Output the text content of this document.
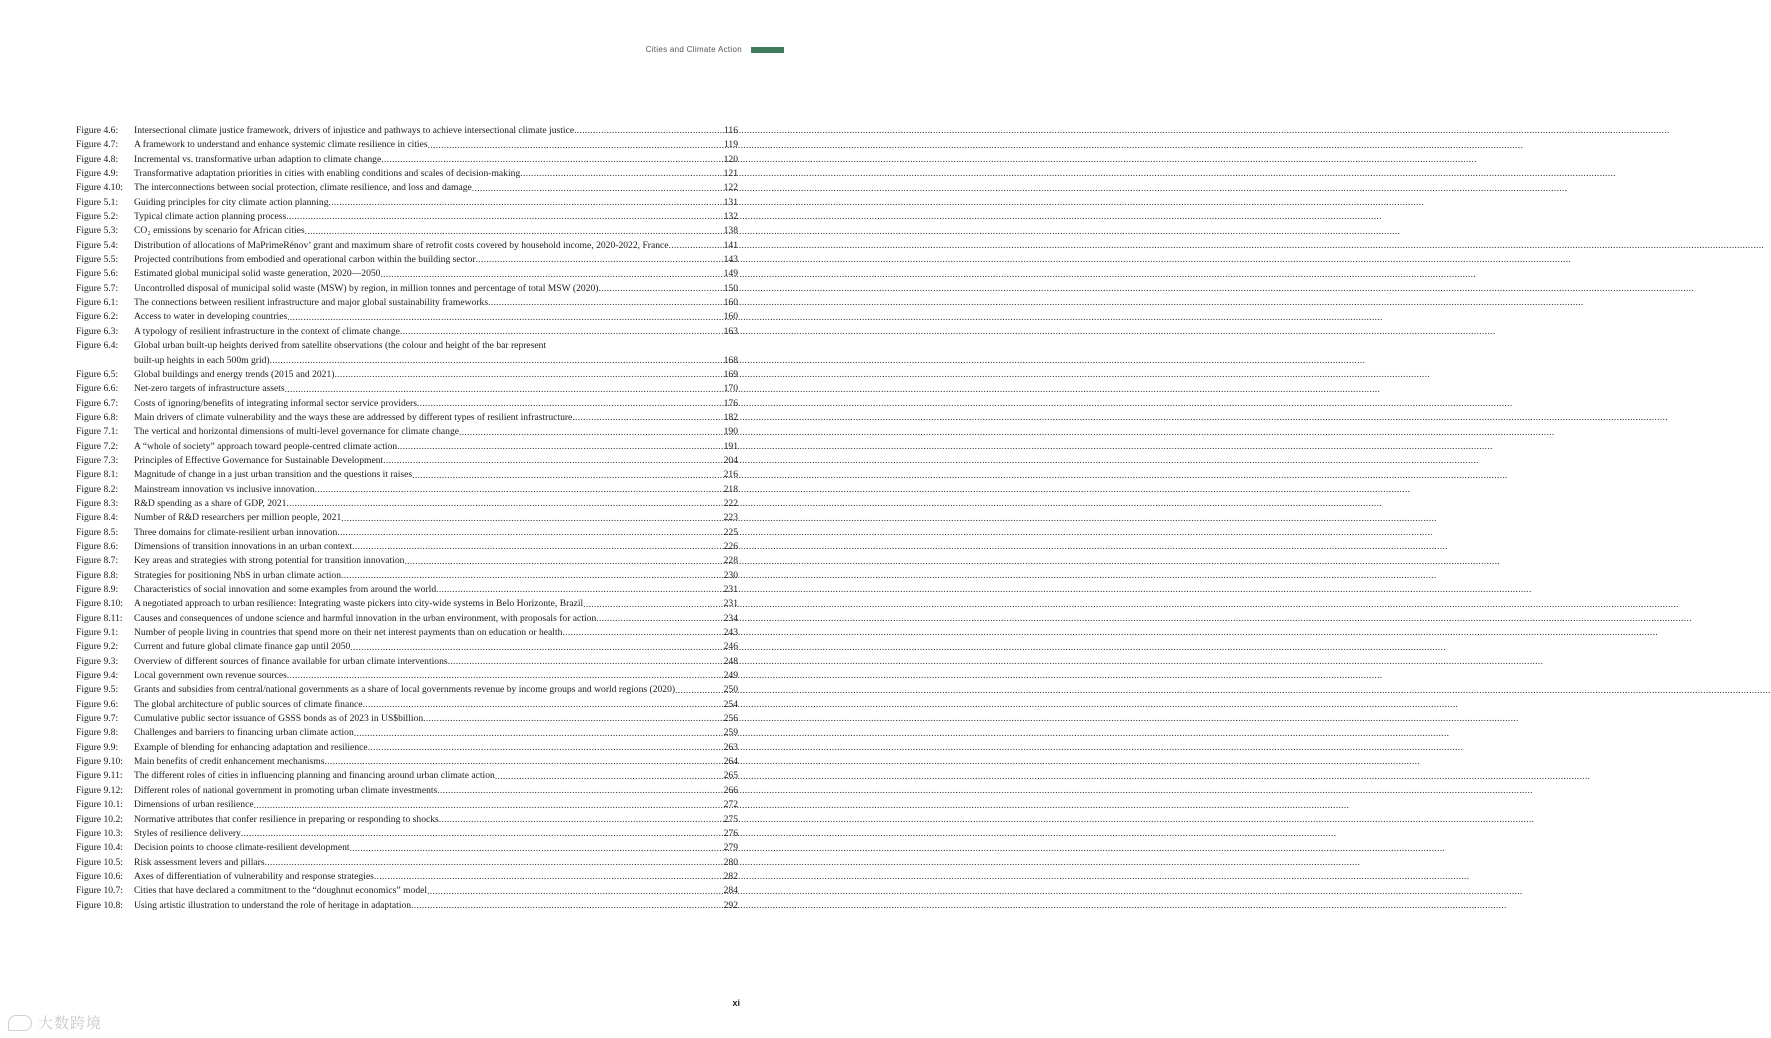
Cities and Climate Action
Figure 4.6:	Intersectional climate justice framework, drivers of injustice and pathways to achieve intersectional climate justice .....	116
Figure 4.7:	A framework to understand and enhance systemic climate resilience in cities .....	119
Figure 4.8:	Incremental vs. transformative urban adaption to climate change .....	120
Figure 4.9:	Transformative adaptation priorities in cities with enabling conditions and scales of decision-making .....	121
Figure 4.10:	The interconnections between social protection, climate resilience, and loss and damage .....	122
Figure 5.1:	Guiding principles for city climate action planning .....	131
Figure 5.2:	Typical climate action planning process .....	132
Figure 5.3:	CO₂ emissions by scenario for African cities .....	138
Figure 5.4:	Distribution of allocations of MaPrimeRénov’ grant and maximum share of retrofit costs covered by household income, 2020-2022, France .....	141
Figure 5.5:	Projected contributions from embodied and operational carbon within the building sector .....	143
Figure 5.6:	Estimated global municipal solid waste generation, 2020—2050 .....	149
Figure 5.7:	Uncontrolled disposal of municipal solid waste (MSW) by region, in million tonnes and percentage of total MSW (2020) .....	150
Figure 6.1:	The connections between resilient infrastructure and major global sustainability frameworks .....	160
Figure 6.2:	Access to water in developing countries .....	160
Figure 6.3:	A typology of resilient infrastructure in the context of climate change .....	163
Figure 6.4:	Global urban built-up heights derived from satellite observations (the colour and height of the bar represent
built-up heights in each 500m grid) .....	168
Figure 6.5:	Global buildings and energy trends (2015 and 2021) .....	169
Figure 6.6:	Net-zero targets of infrastructure assets .....	170
Figure 6.7:	Costs of ignoring/benefits of integrating informal sector service providers .....	176
Figure 6.8:	Main drivers of climate vulnerability and the ways these are addressed by different types of resilient infrastructure .....	182
Figure 7.1:	The vertical and horizontal dimensions of multi-level governance for climate change .....	190
Figure 7.2:	A “whole of society” approach toward people-centred climate action .....	191
Figure 7.3:	Principles of Effective Governance for Sustainable Development .....	204
Figure 8.1:	Magnitude of change in a just urban transition and the questions it raises .....	216
Figure 8.2:	Mainstream innovation vs inclusive innovation .....	218
Figure 8.3:	R&D spending as a share of GDP, 2021 .....	222
Figure 8.4:	Number of R&D researchers per million people, 2021 .....	223
Figure 8.5:	Three domains for climate-resilient urban innovation .....	225
Figure 8.6:	Dimensions of transition innovations in an urban context .....	226
Figure 8.7:	Key areas and strategies with strong potential for transition innovation .....	228
Figure 8.8:	Strategies for positioning NbS in urban climate action .....	230
Figure 8.9:	Characteristics of social innovation and some examples from around the world .....	231
Figure 8.10:	A negotiated approach to urban resilience: Integrating waste pickers into city-wide systems in Belo Horizonte, Brazil .....	231
Figure 8.11:	Causes and consequences of undone science and harmful innovation in the urban environment, with proposals for action .....	234
Figure 9.1:	Number of people living in countries that spend more on their net interest payments than on education or health .....	243
Figure 9.2:	Current and future global climate finance gap until 2050 .....	246
Figure 9.3:	Overview of different sources of finance available for urban climate interventions .....	248
Figure 9.4:	Local government own revenue sources .....	249
Figure 9.5:	Grants and subsidies from central/national governments as a share of local governments revenue by income groups and world regions (2020) .....	250
Figure 9.6:	The global architecture of public sources of climate finance .....	254
Figure 9.7:	Cumulative public sector issuance of GSSS bonds as of 2023 in US$billion .....	256
Figure 9.8:	Challenges and barriers to financing urban climate action .....	259
Figure 9.9:	Example of blending for enhancing adaptation and resilience .....	263
Figure 9.10:	Main benefits of credit enhancement mechanisms .....	264
Figure 9.11:	The different roles of cities in influencing planning and financing around urban climate action .....	265
Figure 9.12:	Different roles of national government in promoting urban climate investments .....	266
Figure 10.1:	Dimensions of urban resilience .....	272
Figure 10.2:	Normative attributes that confer resilience in preparing or responding to shocks .....	275
Figure 10.3:	Styles of resilience delivery .....	276
Figure 10.4:	Decision points to choose climate-resilient development .....	279
Figure 10.5:	Risk assessment levers and pillars .....	280
Figure 10.6:	Axes of differentiation of vulnerability and response strategies .....	282
Figure 10.7:	Cities that have declared a commitment to the “doughnut economics” model .....	284
Figure 10.8:	Using artistic illustration to understand the role of heritage in adaptation .....	292
xi
大数跨境
